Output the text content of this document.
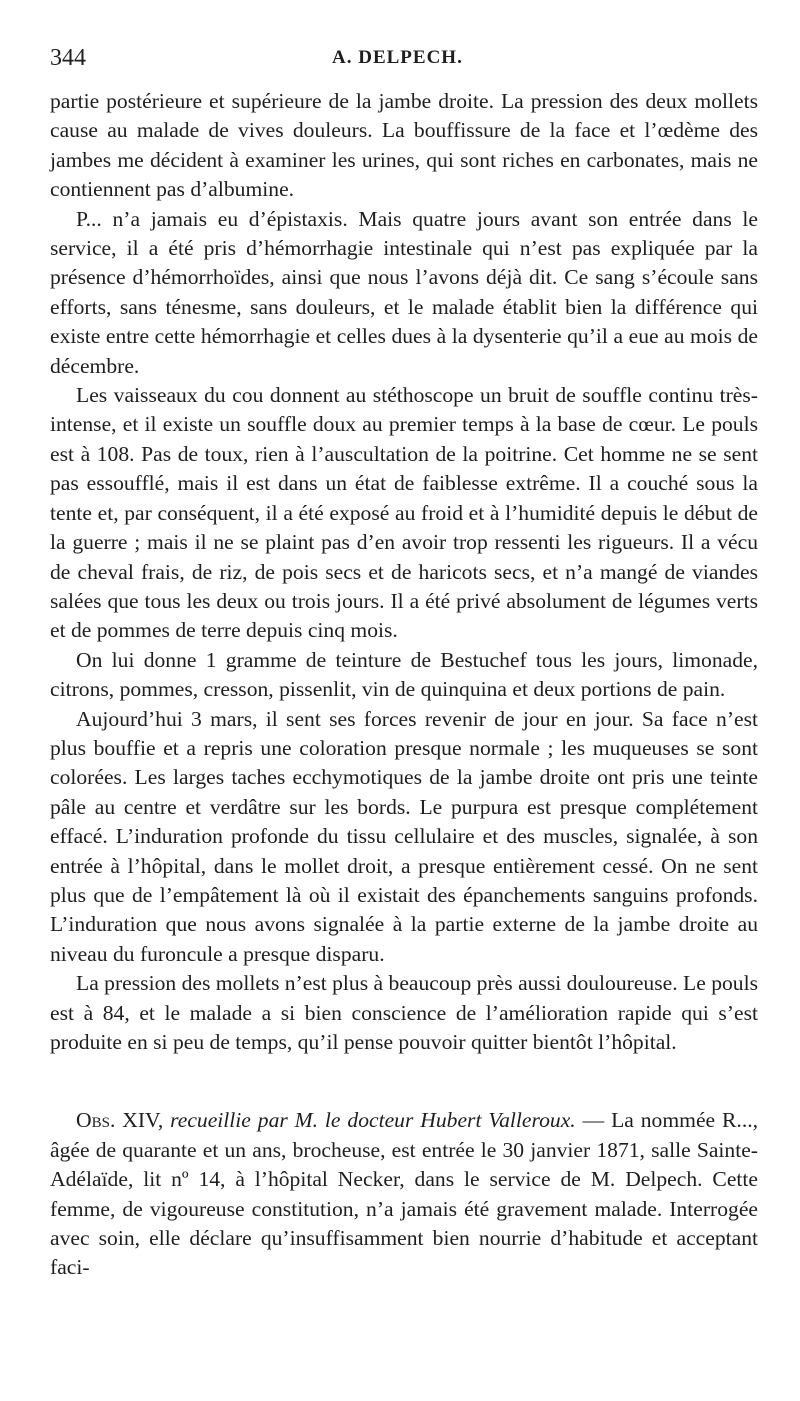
344	A. DELPECH.

partie postérieure et supérieure de la jambe droite. La pression des deux mollets cause au malade de vives douleurs. La bouffissure de la face et l’œdème des jambes me décident à examiner les urines, qui sont riches en carbonates, mais ne contiennent pas d’albumine.

P... n’a jamais eu d’épistaxis. Mais quatre jours avant son entrée dans le service, il a été pris d’hémorrhagie intestinale qui n’est pas expliquée par la présence d’hémorrhoïdes, ainsi que nous l’avons déjà dit. Ce sang s’écoule sans efforts, sans ténesme, sans douleurs, et le malade établit bien la différence qui existe entre cette hémorrhagie et celles dues à la dysenterie qu’il a eue au mois de décembre.

Les vaisseaux du cou donnent au stéthoscope un bruit de souffle continu très-intense, et il existe un souffle doux au premier temps à la base de cœur. Le pouls est à 108. Pas de toux, rien à l’auscultation de la poitrine. Cet homme ne se sent pas essoufflé, mais il est dans un état de faiblesse extrême. Il a couché sous la tente et, par conséquent, il a été exposé au froid et à l’humidité depuis le début de la guerre ; mais il ne se plaint pas d’en avoir trop ressenti les rigueurs. Il a vécu de cheval frais, de riz, de pois secs et de haricots secs, et n’a mangé de viandes salées que tous les deux ou trois jours. Il a été privé absolument de légumes verts et de pommes de terre depuis cinq mois.

On lui donne 1 gramme de teinture de Bestuchef tous les jours, limonade, citrons, pommes, cresson, pissenlit, vin de quinquina et deux portions de pain.

Aujourd’hui 3 mars, il sent ses forces revenir de jour en jour. Sa face n’est plus bouffie et a repris une coloration presque normale ; les muqueuses se sont colorées. Les larges taches ecchymotiques de la jambe droite ont pris une teinte pâle au centre et verdâtre sur les bords. Le purpura est presque complétement effacé. L’induration profonde du tissu cellulaire et des muscles, signalée, à son entrée à l’hôpital, dans le mollet droit, a presque entièrement cessé. On ne sent plus que de l’empâtement là où il existait des épanchements sanguins profonds. L’induration que nous avons signalée à la partie externe de la jambe droite au niveau du furoncule a presque disparu.

La pression des mollets n’est plus à beaucoup près aussi douloureuse. Le pouls est à 84, et le malade a si bien conscience de l’amélioration rapide qui s’est produite en si peu de temps, qu’il pense pouvoir quitter bientôt l’hôpital.

Obs. XIV, recueillie par M. le docteur Hubert Valleroux. — La nommée R..., âgée de quarante et un ans, brocheuse, est entrée le 30 janvier 1871, salle Sainte-Adélaïde, lit nº 14, à l’hôpital Necker, dans le service de M. Delpech. Cette femme, de vigoureuse constitution, n’a jamais été gravement malade. Interrogée avec soin, elle déclare qu’insuffisamment bien nourrie d’habitude et acceptant faci-
